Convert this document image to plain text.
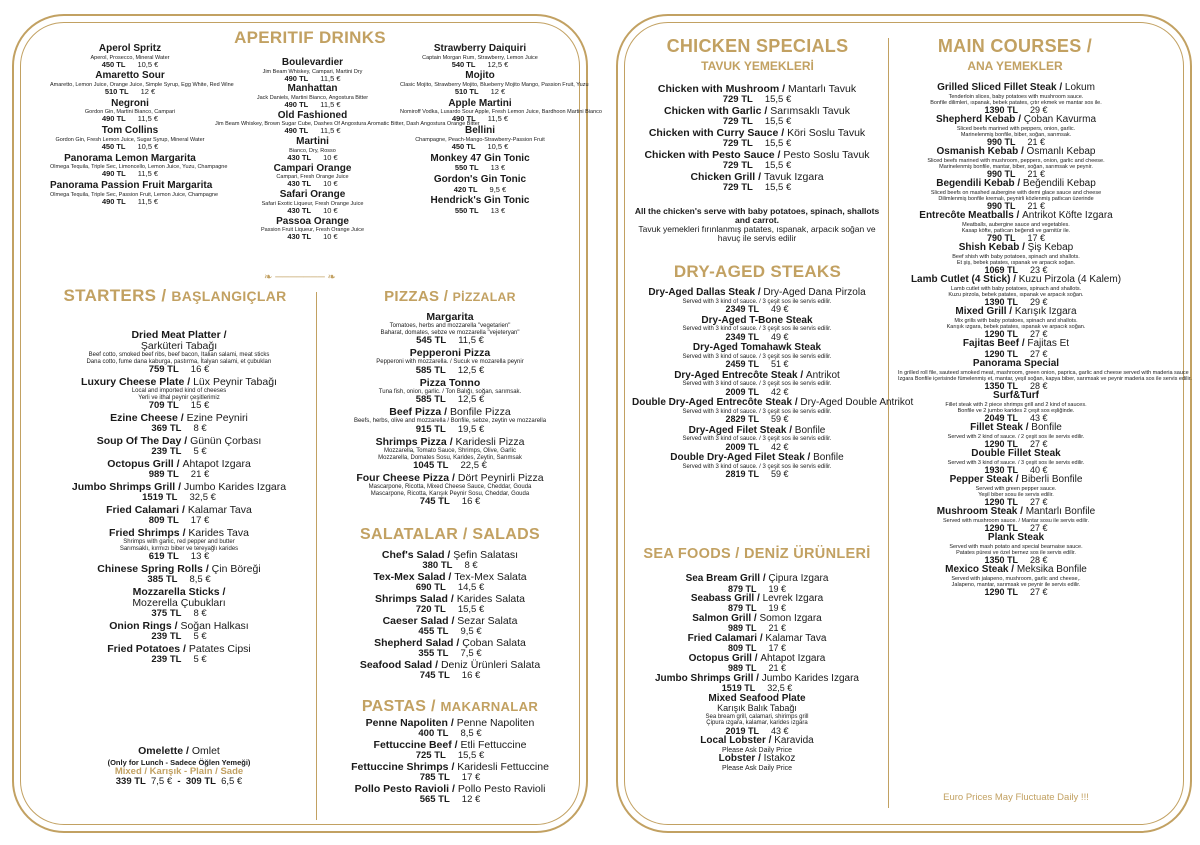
❧ ─────── ❧
APERITIF DRINKS
Aperol Spritz
Aperol, Prosecco, Mineral Water
450 TL 10,5 €
Amaretto Sour
Amaretto, Lemon Juice, Orange Juice, Simple Syrup, Egg White, Red Wine
510 TL 12 €
Negroni
Gordon Gin, Martini Bianco, Campari
490 TL 11,5 €
Tom Collins
Gordon Gin, Fresh Lemon Juice, Sugar Syrup, Mineral Water
450 TL 10,5 €
Panorama Lemon Margarita
Olmega Tequila, Triple Sec, Limoncello, Lemon Juice, Yuzu, Champagne
490 TL 11,5 €
Panorama Passion Fruit Margarita
Olmega Tequila, Triple Sec, Passion Fruit, Lemon Juice, Champagne
490 TL 11,5 €
Boulevardier
Jim Beam Whiskey, Campari, Martini Dry
490 TL 11,5 €
Manhattan
Jack Daniels, Martini Bianco, Angostura Bitter
490 TL 11,5 €
Old Fashioned
Jim Beam Whiskey, Brown Sugar Cube, Dashes Of Angostura Aromatic Bitter, Dash Angostura Orange Bitter
490 TL 11,5 €
Martini
Bianco, Dry, Rosso
430 TL 10 €
Campari Orange
Campari, Fresh Orange Juice
430 TL 10 €
Safari Orange
Safari Exotic Liqueur, Fresh Orange Juice
430 TL 10 €
Passoa Orange
Passion Fruit Liqueur, Fresh Orange Juice
430 TL 10 €
Strawberry Daiquiri
Captain Morgan Rum, Strawberry, Lemon Juice
540 TL 12,5 €
Mojito
Clasic Mojito, Strawberry Mojito, Blueberry Mojito Mango, Passion Fruit, Yuzu
510 TL 12 €
Apple Martini
Nomiroff Vodka, Luxardo Sour Apple, Fresh Lemon Juice, Bardhoon Martini Bianco
490 TL 11,5 €
Bellini
Champagne, Peach-Mango-Strawberry-Passion Fruit
450 TL 10,5 €
Monkey 47 Gin Tonic
550 TL 13 €
Gordon's Gin Tonic
420 TL 9,5 €
Hendrick's Gin Tonic
550 TL 13 €
STARTERS / BAŞLANGIÇLAR
Dried Meat Platter /
Şarküteri Tabağı
Beef cotto, smoked beef ribs, beef bacon, Italian salami, meat sticks
Dana cotto, fume dana kaburga, pastırma, İtalyan salami, et çubukları
759 TL 16 €
Luxury Cheese Plate / Lüx Peynir Tabağı
Local and imported kind of cheeses
Yerli ve ithal peynir çeşitlerimiz
709 TL 15 €
Ezine Cheese / Ezine Peyniri
369 TL 8 €
Soup Of The Day / Günün Çorbası
239 TL 5 €
Octopus Grill / Ahtapot Izgara
989 TL 21 €
Jumbo Shrimps Grill / Jumbo Karides Izgara
1519 TL 32,5 €
Fried Calamari / Kalamar Tava
809 TL 17 €
Fried Shrimps / Karides Tava
Shrimps with garlic, red pepper and butter
Sarımsaklı, kırmızı biber ve tereyağlı karides
619 TL 13 €
Chinese Spring Rolls / Çin Böreği
385 TL 8,5 €
Mozzarella Sticks /
Mozerella Çubukları
375 TL 8 €
Onion Rings / Soğan Halkası
239 TL 5 €
Fried Potatoes / Patates Cipsi
239 TL 5 €
Omelette / Omlet
(Only for Lunch - Sadece Öğlen Yemeği)
Mixed / Karışık - Plain / Sade
339 TL 7,5 €  -  309 TL 6,5 €
PIZZAS / PİZZALAR
Margarita
Tomatoes, herbs and mozzarella "vegetarien"
Baharat, domates, sebze ve mozzarella "vejeteryan"
545 TL 11,5 €
Pepperoni Pizza
Pepperoni with mozzarella. / Sucuk ve mozarella peynir
585 TL 12,5 €
Pizza Tonno
Tuna fish, onion, garlic. / Ton Balığı, soğan, sarımsak.
585 TL 12,5 €
Beef Pizza / Bonfile Pizza
Beefs, herbs, olive and mozzarella / Bonfile, sebze, zeytin ve mozzarella
915 TL 19,5 €
Shrimps Pizza / Karidesli Pizza
Mozzarella, Tomato Sauce, Shrimps, Olive, Garlic
Mozzarella, Domates Sosu, Karides, Zeytin, Sarımsak
1045 TL 22,5 €
Four Cheese Pizza / Dört Peynirli Pizza
Mascarpone, Ricotta, Mixed Cheese Sauce, Cheddar, Gouda
Mascarpone, Ricotta, Karışık Peynir Sosu, Cheddar, Gouda
745 TL 16 €
SALATALAR / SALADS
Chef's Salad / Şefin Salatası
380 TL 8 €
Tex-Mex Salad / Tex-Mex Salata
690 TL 14,5 €
Shrimps Salad / Karides Salata
720 TL 15,5 €
Caeser Salad / Sezar Salata
455 TL 9,5 €
Shepherd Salad / Çoban Salata
355 TL 7,5 €
Seafood Salad / Deniz Ürünleri Salata
745 TL 16 €
PASTAS / MAKARNALAR
Penne Napoliten / Penne Napoliten
400 TL 8,5 €
Fettuccine Beef / Etli Fettuccine
725 TL 15,5 €
Fettuccine Shrimps / Karidesli Fettuccine
785 TL 17 €
Pollo Pesto Ravioli / Pollo Pesto Ravioli
565 TL 12 €
CHICKEN SPECIALS
TAVUK YEMEKLERİ
Chicken with Mushroom / Mantarlı Tavuk
729 TL 15,5 €
Chicken with Garlic / Sarımsaklı Tavuk
729 TL 15,5 €
Chicken with Curry Sauce / Köri Soslu Tavuk
729 TL 15,5 €
Chicken with Pesto Sauce / Pesto Soslu Tavuk
729 TL 15,5 €
Chicken Grill / Tavuk Izgara
729 TL 15,5 €
All the chicken's serve with baby potatoes, spinach, shallots and carrot.
Tavuk yemekleri fırınlanmış patates, ıspanak, arpacık soğan ve havuç ile servis edilir
DRY-AGED STEAKS
Dry-Aged Dallas Steak / Dry-Aged Dana Pirzola
Served with 3 kind of sauce. / 3 çeşit sos ile servis edilir.
2349 TL 49 €
Dry-Aged T-Bone Steak
Served with 3 kind of sauce. / 3 çeşit sos ile servis edilir.
2349 TL 49 €
Dry-Aged Tomahawk Steak
Served with 3 kind of sauce. / 3 çeşit sos ile servis edilir.
2459 TL 51 €
Dry-Aged Entrecôte Steak / Antrikot
Served with 3 kind of sauce. / 3 çeşit sos ile servis edilir.
2009 TL 42 €
Double Dry-Aged Entrecôte Steak / Dry-Aged Double Antrikot
Served with 3 kind of sauce. / 3 çeşit sos ile servis edilir.
2829 TL 59 €
Dry-Aged Filet Steak / Bonfile
Served with 3 kind of sauce. / 3 çeşit sos ile servis edilir.
2009 TL 42 €
Double Dry-Aged Filet Steak / Bonfile
Served with 3 kind of sauce. / 3 çeşit sos ile servis edilir.
2819 TL 59 €
SEA FOODS / DENİZ ÜRÜNLERİ
Sea Bream Grill / Çipura Izgara
879 TL 19 €
Seabass Grill / Levrek Izgara
879 TL 19 €
Salmon Grill / Somon Izgara
989 TL 21 €
Fried Calamari / Kalamar Tava
809 TL 17 €
Octopus Grill / Ahtapot Izgara
989 TL 21 €
Jumbo Shrimps Grill / Jumbo Karides Izgara
1519 TL 32,5 €
Mixed Seafood Plate
Karışık Balık Tabağı
Sea bream grill, calamari, shirimps grill
Çipura ızgara, kalamar, karides ızgara
2019 TL 43 €
Local Lobster / Karavida
Please Ask Daily Price
Lobster / Istakoz
Please Ask Daily Price
MAIN COURSES /
ANA YEMEKLER
Grilled Sliced Fillet Steak / Lokum
Tenderloin slices, baby potatoes with mushroom sauce.
Bonfile dilimleri, ıspanak, bebek patates, çıtır ekmek ve mantar sos ile.
1390 TL 29 €
Shepherd Kebab / Çoban Kavurma
Sliced beefs marined with peppers, onion, garlic.
Marinelenmiş bonfile, biber, soğan, sarımsak.
990 TL 21 €
Osmanish Kebab / Osmanlı Kebap
Sliced beefs marined with mushroom, peppers, onion, garlic and cheese.
Marinelenmiş bonfile, mantar, biber, soğan, sarımsak ve peynir.
990 TL 21 €
Begendili Kebab / Beğendili Kebap
Sliced beefs on mashed aubergine with demi glace sauce and cheese
Dilimlenmiş bonfile kremalı, peynirli közlenmiş patlıcan üzerinde
990 TL 21 €
Entrecôte Meatballs / Antrikot Köfte Izgara
Meatballs, aubergine sauce and vegetables.
Kasap köfte, patlıcan beğendi ve garnitür ile.
790 TL 17 €
Shish Kebab / Şiş Kebap
Beef shish with baby potatoes, spinach and shallots.
Et şiş, bebek patates, ıspanak ve arpacık soğan.
1069 TL 23 €
Lamb Cutlet (4 Stick) / Kuzu Pirzola (4 Kalem)
Lamb cutlet with baby potatoes, spinach and shallots.
Kuzu pirzola, bebek patates, ıspanak ve arpacık soğan.
1390 TL 29 €
Mixed Grill / Karışık Izgara
Mix grills with baby potatoes, spinach and shallots.
Karışık ızgara, bebek patates, ıspanak ve arpacık soğan.
1290 TL 27 €
Fajitas Beef / Fajitas Et
1290 TL 27 €
Panorama Special
In grilled roll file, sauteed smoked meat, mashroom, green onion, paprica, garlic and cheese served with maderia sauce
Izgara Bonfile içerisinde fümelenmiş et, mantar, yeşil soğan, kapya biber, sarımsak ve peynir maderia sos ile servis edilir.
1350 TL 28 €
Surf&Turf
Fillet steak with 2 piece shrimps grill and 2 kind of sauces.
Bonfile ve 2 jumbo karides 2 çeşit sos eşliğinde.
2049 TL 43 €
Fillet Steak / Bonfile
Served with 2 kind of sauce. / 2 çeşit sos ile servis edilir.
1290 TL 27 €
Double Fillet Steak
Served with 3 kind of sauce. / 3 çeşit sos ile servis edilir.
1930 TL 40 €
Pepper Steak / Biberli Bonfile
Served with green pepper sauce.
Yeşil biber sosu ile servis edilir.
1290 TL 27 €
Mushroom Steak / Mantarlı Bonfile
Served with mushroom sauce. / Mantar sosu ile servis edilir.
1290 TL 27 €
Plank Steak
Served with mash potato and special bearnaise sauce.
Patates püresi ve özel bernez sos ile servis edilir.
1350 TL 28 €
Mexico Steak / Meksika Bonfile
Served with jalapeno, mushroom, garlic and cheese,.
Jalapeno, mantar, sarımsak ve peynir ile servis edilir.
1290 TL 27 €
Euro Prices May Fluctuate Daily !!!
